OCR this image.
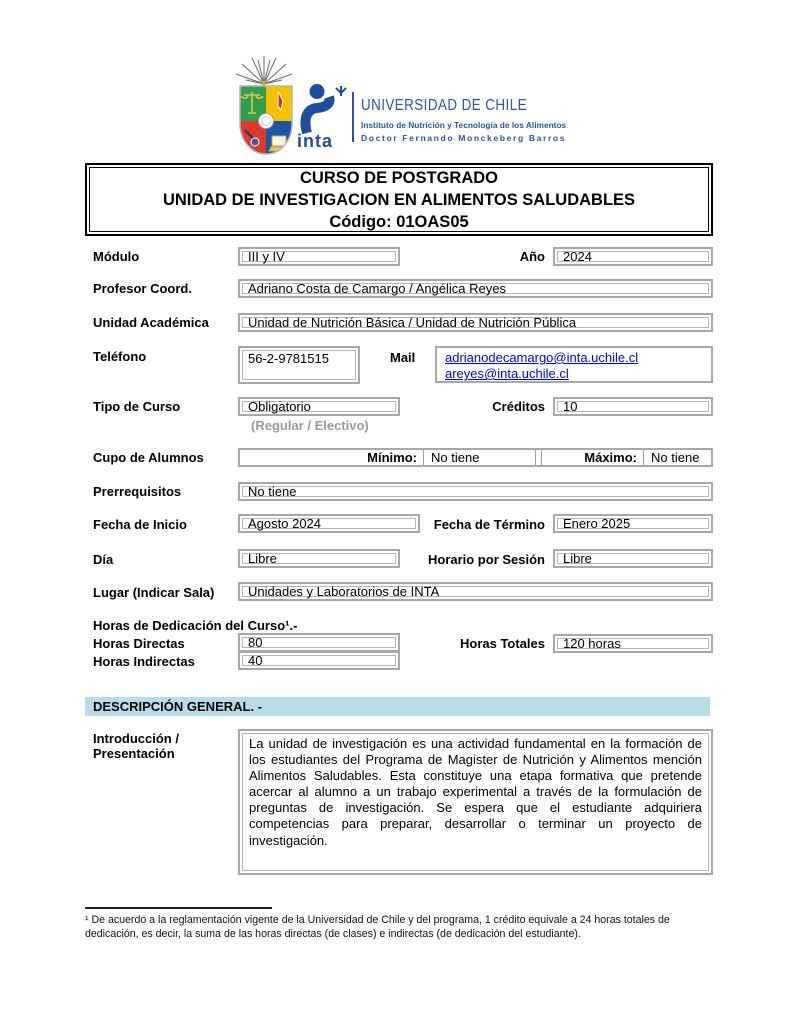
inta
UNIVERSIDAD DE CHILE
Instituto de Nutrición y Tecnología de los Alimentos
Doctor Fernando Monckeberg Barros
CURSO DE POSTGRADO
UNIDAD DE INVESTIGACION EN ALIMENTOS SALUDABLES
Código: 01OAS05
Módulo	III y IV	Año	2024
Profesor Coord.	Adriano Costa de Camargo / Angélica Reyes
Unidad Académica	Unidad de Nutrición Básica / Unidad de Nutrición Pública
Teléfono	56-2-9781515	Mail adrianodecamargo@inta.uchile.cl
areyes@inta.uchile.cl
Tipo de Curso	Obligatorio
(Regular / Electivo)
Créditos	10
Cupo de Alumnos	Mínimo:	No tiene	Máximo:	No tiene
Prerrequisitos	No tiene
Fecha de Inicio	Agosto 2024	Fecha de Término	Enero 2025
Día	Libre	Horario por Sesión	Libre
Lugar (Indicar Sala)	Unidades y Laboratorios de INTA
Horas de Dedicación del Curso¹.-
Horas Directas	80	Horas Totales	120 horas
Horas Indirectas	40
DESCRIPCIÓN GENERAL. -
Introducción /
Presentación
La unidad de investigación es una actividad fundamental en la formación de los estudiantes del Programa de Magister de Nutrición y Alimentos mención Alimentos Saludables. Esta constituye una etapa formativa que pretende acercar al alumno a un trabajo experimental a través de la formulación de preguntas de investigación. Se espera que el estudiante adquiriera competencias para preparar, desarrollar o terminar un proyecto de investigación.
¹ De acuerdo a la reglamentación vigente de la Universidad de Chile y del programa, 1 crédito equivale a 24 horas totales de dedicación, es decir, la suma de las horas directas (de clases) e indirectas (de dedicación del estudiante).
